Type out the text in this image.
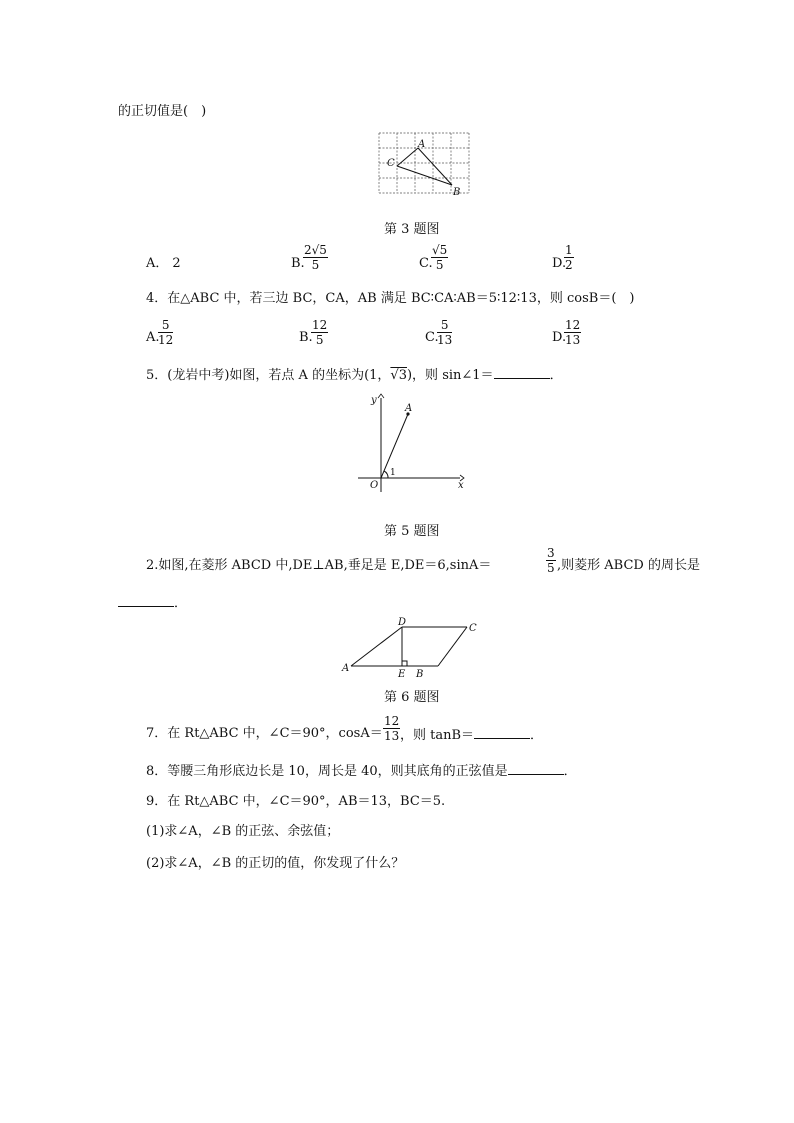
的正切值是(　)
A
B
C
第 3 题图
A． 2	B.
$\frac{2√5}{5}$	C.
$\frac{√5}{5}$	D.
$\frac{1}{2}$
4．在△ABC 中，若三边 BC，CA，AB 满足 BC∶CA∶AB＝5∶12∶13，则 cosB＝(　)
A.
$\frac{5}{12}$	B.
$\frac{12}{5}$	C.
$\frac{5}{13}$	D.
$\frac{12}{13}$
5．(龙岩中考)如图，若点 A 的坐标为(1，√3)，则 sin∠1＝	．
y
x
O
A
1
第 5 题图
2.如图,在菱形 ABCD 中,DE⊥AB,垂足是 E,DE＝6,sinA＝	$\frac{3}{5}$ ,则菱形 ABCD 的周长是
．
A
B
C
D
E
第 6 题图
7．在 Rt△ABC 中，∠C＝90°，$\cos A= \frac{12}{13}$ ，则 tanB＝	．
8．等腰三角形底边长是 10，周长是 40，则其底角的正弦值是	．
9．在 Rt△ABC 中，∠C＝90°，AB＝13，BC＝5.
(1)求∠A，∠B 的正弦、余弦值；
(2)求∠A，∠B 的正切的值，你发现了什么？
